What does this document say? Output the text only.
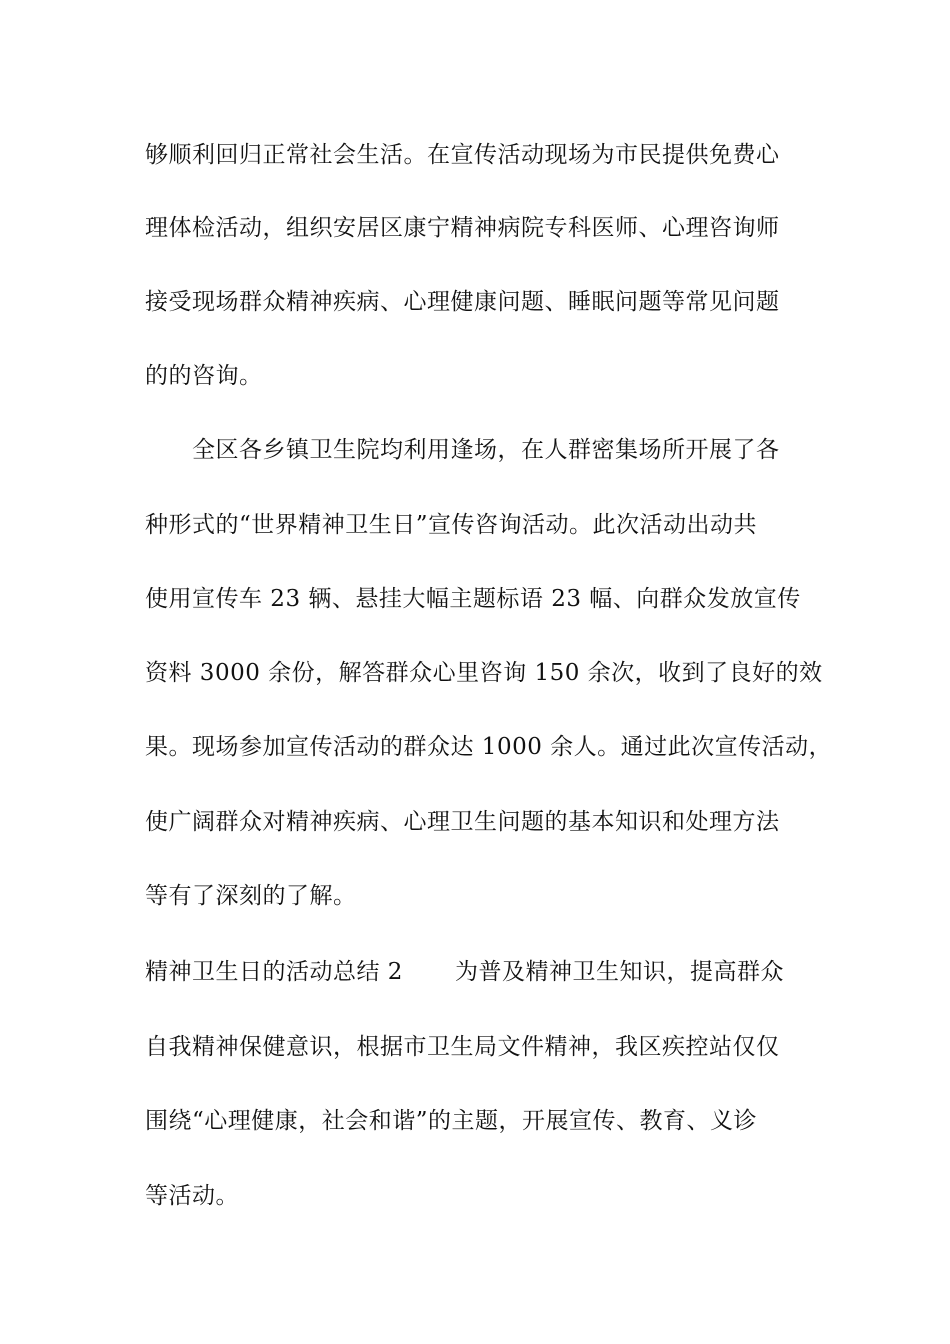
够顺利回归正常社会生活。在宣传活动现场为市民提供免费心
理体检活动，组织安居区康宁精神病院专科医师、心理咨询师
接受现场群众精神疾病、心理健康问题、睡眠问题等常见问题
的的咨询。
全区各乡镇卫生院均利用逢场，在人群密集场所开展了各
种形式的“世界精神卫生日”宣传咨询活动。此次活动出动共
使用宣传车 23 辆、悬挂大幅主题标语 23 幅、向群众发放宣传
资料 3000 余份，解答群众心里咨询 150 余次，收到了良好的效
果。现场参加宣传活动的群众达 1000 余人。通过此次宣传活动，
使广阔群众对精神疾病、心理卫生问题的基本知识和处理方法
等有了深刻的了解。
精神卫生日的活动总结 2 为普及精神卫生知识，提高群众
自我精神保健意识，根据市卫生局文件精神，我区疾控站仅仅
围绕“心理健康，社会和谐”的主题，开展宣传、教育、义诊
等活动。
